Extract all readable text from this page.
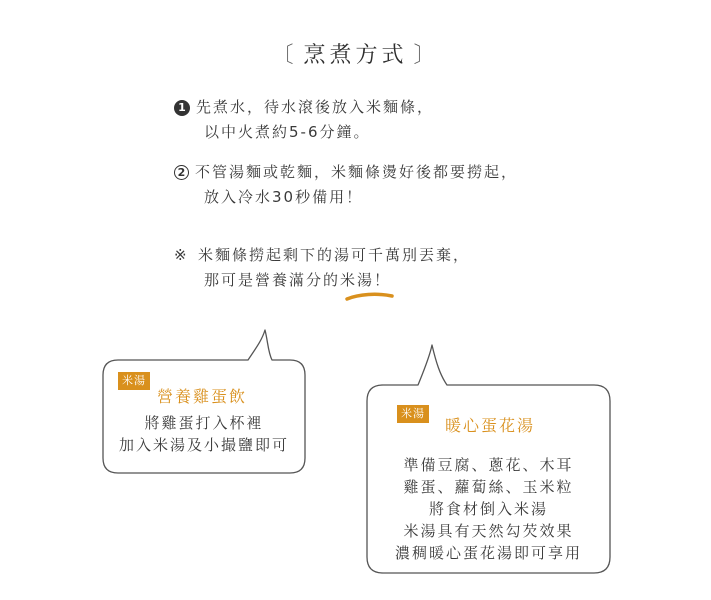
〔 烹煮方式 〕
1 先煮水，待水滾後放入米麵條，
以中火煮約5-6分鐘。
2 不管湯麵或乾麵，米麵條燙好後都要撈起，
放入冷水30秒備用！
※ 米麵條撈起剩下的湯可千萬別丟棄，
那可是營養滿分的米湯！
米湯
營養雞蛋飲
將雞蛋打入杯裡
加入米湯及小撮鹽即可
米湯
暖心蛋花湯
準備豆腐、蔥花、木耳
雞蛋、蘿蔔絲、玉米粒
將食材倒入米湯
米湯具有天然勾芡效果
濃稠暖心蛋花湯即可享用
